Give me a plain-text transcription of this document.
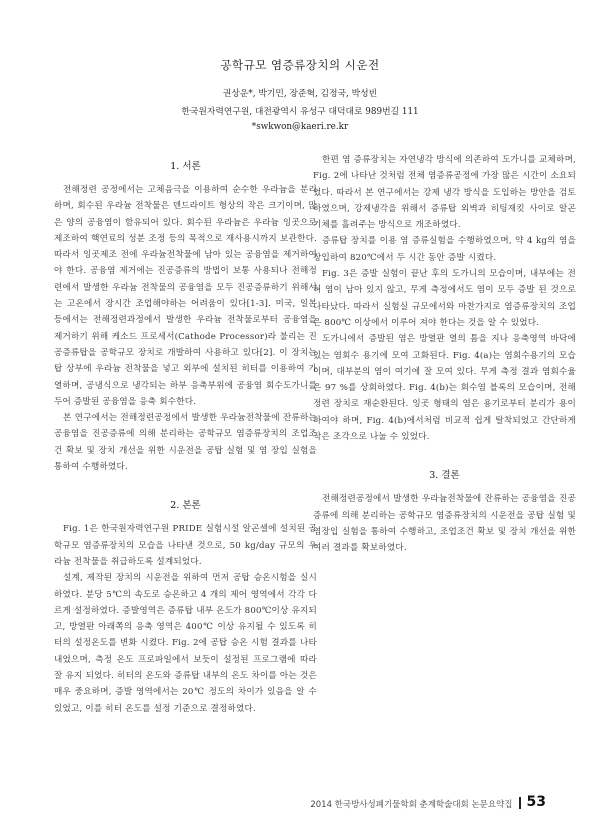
공학규모 염증류장치의 시운전
권상운*, 박기민, 장준혁, 김정국, 박성빈
한국원자력연구원, 대전광역시 유성구 대덕대로 989번길 111
*swkwon@kaeri.re.kr
1. 서론

전해정련 공정에서는 고체음극을 이용하여 순수한 우라늄을 분리하며, 회수된 우라늄 전착물은 덴드라이트 형상의 작은 크기이며, 많은 양의 공융염이 함유되어 있다. 회수된 우라늄은 우라늄 잉곳으로 제조하여 핵연료의 성분 조정 등의 목적으로 재사용시까지 보관한다. 따라서 잉곳제조 전에 우라늄전착물에 남아 있는 공융염을 제거하여야 한다. 공융염 제거에는 진공증류의 방법이 보통 사용되나 전해정련에서 발생한 우라늄 전착물의 공융염을 모두 진공증류하기 위해서는 고온에서 장시간 조업해야하는 어려움이 있다[1-3]. 미국, 일본 등에서는 전해정련과정에서 발생한 우라늄 전착물로부터 공융염을 제거하기 위해 케소드 프로세서(Cathode Processor)라 불리는 진공증류탑을 공학규모 장치로 개발하여 사용하고 있다[2]. 이 장치는 탑 상부에 우라늄 전착물을 넣고 외부에 설치된 히터를 이용하여 가열하며, 공냉식으로 냉각되는 하부 응축부위에 공융염 회수도가니를 두어 증발된 공융염을 응축 회수한다.

본 연구에서는 전해정련공정에서 발생한 우라늄전착물에 잔류하는 공융염을 진공증류에 의해 분리하는 공학규모 염증류장치의 조업조건 확보 및 장치 개선을 위한 시운전을 공탑 실험 및 염 장입 실험을 통하여 수행하였다.

2. 본론

Fig. 1은 한국원자력연구원 PRIDE 실험시설 알곤셀에 설치된 공학규모 염증류장치의 모습을 나타낸 것으로, 50 kg/day 규모의 우라늄 전착물을 취급하도록 설계되었다.

설계, 제작된 장치의 시운전을 위하여 먼저 공탑 승온시험을 실시하였다. 분당 5℃의 속도로 승온하고 4 개의 제어 영역에서 각각 다르게 설정하였다. 증발영역은 증류탑 내부 온도가 800℃이상 유지되고, 방열판 아래쪽의 응축 영역은 400℃ 이상 유지될 수 있도록 히터의 설정온도를 변화 시켰다. Fig. 2에 공탑 승온 시험 결과를 나타내었으며, 측정 온도 프로파일에서 보듯이 설정된 프로그램에 따라 잘 유지 되었다. 히터의 온도와 증류탑 내부의 온도 차이를 아는 것은 매우 중요하며, 증발 영역에서는 20℃ 정도의 차이가 있음을 알 수 있었고, 이를 히터 온도를 설정 기준으로 결정하였다.

한편 염 증류장치는 자연냉각 방식에 의존하여 도가니를 교체하며, Fig. 2에 나타난 것처럼 전체 염증류공정에 가장 많은 시간이 소요되었다. 따라서 본 연구에서는 강제 냉각 방식을 도입하는 방안을 검토하였으며, 강제냉각을 위해서 증류탑 외벽과 히팅재킷 사이로 알곤 기체를 흘려주는 방식으로 개조하였다.

증류탑 장치를 이용 염 증류실험을 수행하였으며, 약 4 kg의 염을 장입하여 820℃에서 두 시간 동안 증발 시켰다.

Fig. 3은 증발 실험이 끝난 후의 도가니의 모습이며, 내부에는 전혀 염이 남아 있지 않고, 무게 측정에서도 염이 모두 증발 된 것으로 나타났다. 따라서 실험실 규모에서와 마찬가지로 염증류장치의 조업은 800℃ 이상에서 이루어 져야 한다는 것을 알 수 있었다.

도가니에서 증발된 염은 방열판 열의 틈을 지나 응축영역 바닥에 있는 염회수 용기에 모여 고화된다. Fig. 4(a)는 염회수용기의 모습이며, 대부분의 염이 여기에 잘 모여 있다. 무게 측정 결과 염회수율은 97 %를 상회하였다. Fig. 4(b)는 회수염 블록의 모습이며, 전해정련 장치로 재순환된다. 잉곳 형태의 염은 용기로부터 분리가 용이하여야 하며, Fig. 4(b)에서처럼 비교적 쉽게 탈착되었고 간단하게 작은 조각으로 나눌 수 있었다.

3. 결론

전해정련공정에서 발생한 우라늄전착물에 잔류하는 공융염을 진공증류에 의해 분리하는 공학규모 염증류장치의 시운전을 공탑 실험 및 염장입 실험을 통하여 수행하고, 조업조건 확보 및 장치 개선을 위한 여러 결과를 확보하였다.

2014 한국방사성폐기물학회 춘계학술대회 논문요약집 53
